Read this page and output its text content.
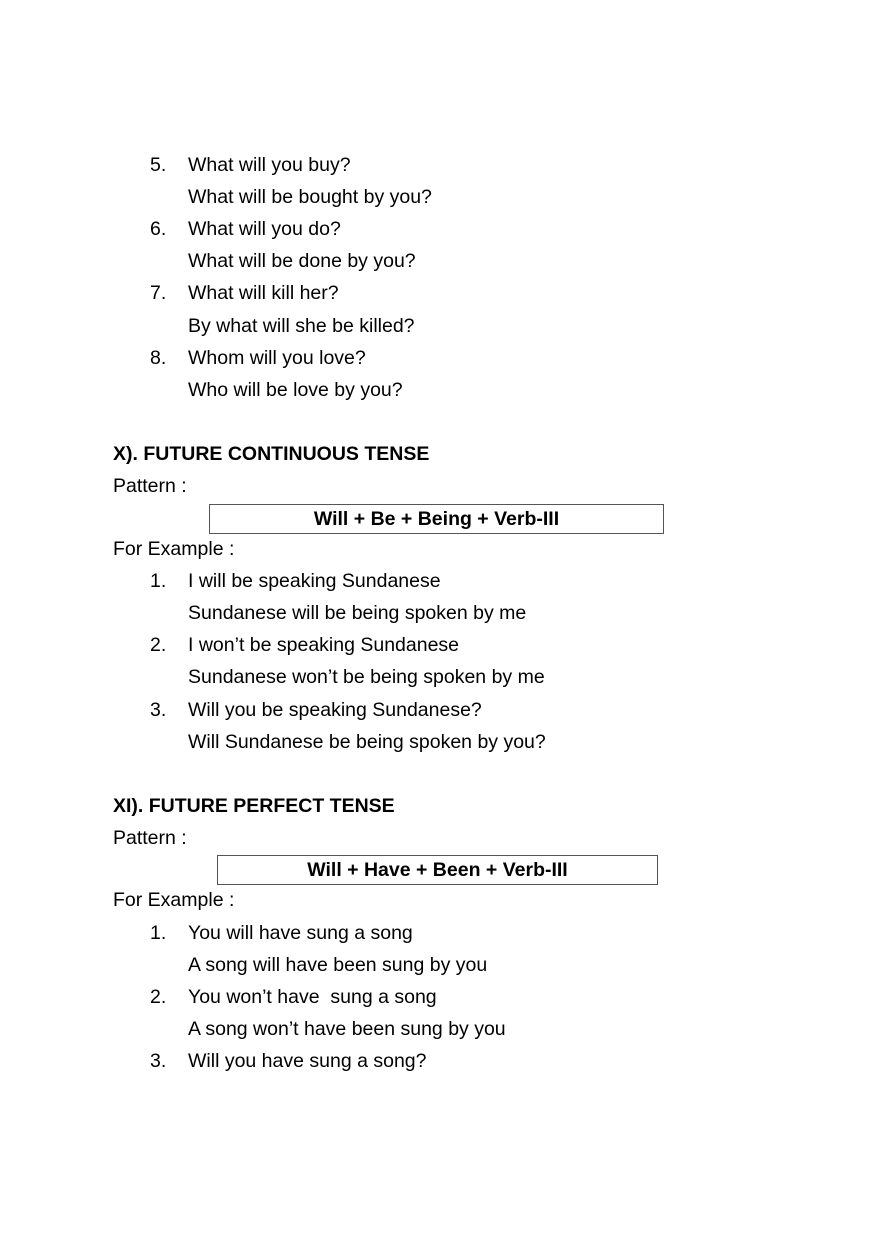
5. What will you buy?
What will be bought by you?
6. What will you do?
What will be done by you?
7. What will kill her?
By what will she be killed?
8. Whom will you love?
Who will be love by you?
X). FUTURE CONTINUOUS TENSE
Pattern :
Will + Be + Being + Verb-III
For Example :
1. I will be speaking Sundanese
Sundanese will be being spoken by me
2. I won’t be speaking Sundanese
Sundanese won’t be being spoken by me
3. Will you be speaking Sundanese?
Will Sundanese be being spoken by you?
XI). FUTURE PERFECT TENSE
Pattern :
Will + Have + Been + Verb-III
For Example :
1. You will have sung a song
A song will have been sung by you
2. You won’t have  sung a song
A song won’t have been sung by you
3. Will you have sung a song?
